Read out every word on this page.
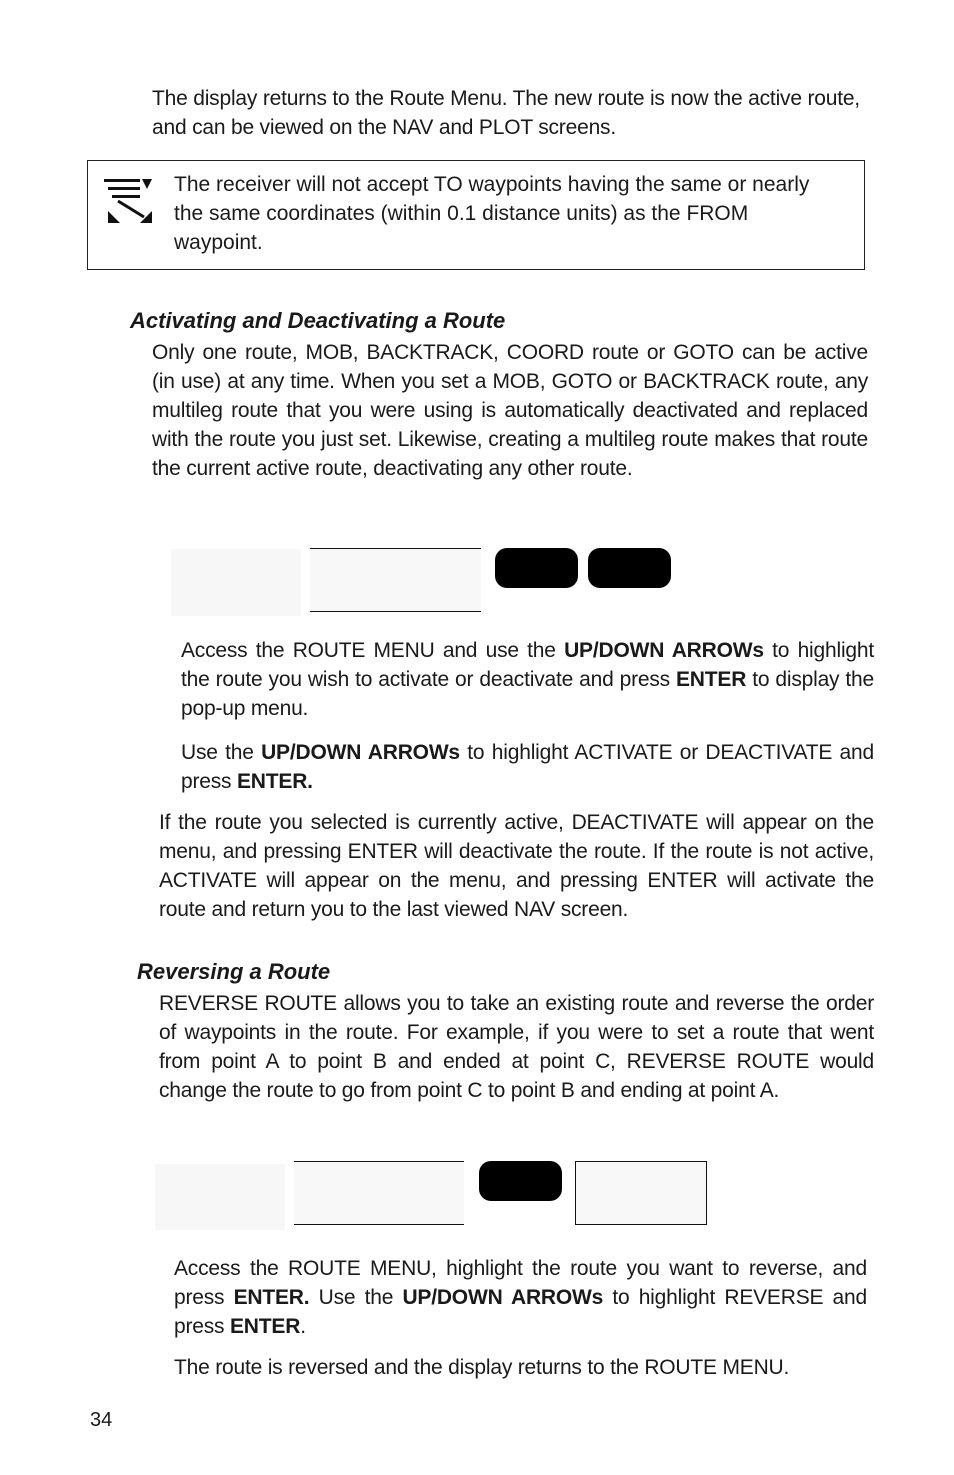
The display returns to the Route Menu. The new route is now the active route, and can be viewed on the NAV and PLOT screens.

The receiver will not accept TO waypoints having the same or nearly the same coordinates (within 0.1 distance units) as the FROM waypoint.

Activating and Deactivating a Route

Only one route, MOB, BACKTRACK, COORD route or GOTO can be active (in use) at any time. When you set a MOB, GOTO or BACKTRACK route, any multileg route that you were using is automatically deactivated and replaced with the route you just set. Likewise, creating a multileg route makes that route the current active route, deactivating any other route.

Access the ROUTE MENU and use the UP/DOWN ARROWs to highlight the route you wish to activate or deactivate and press ENTER to display the pop-up menu.

Use the UP/DOWN ARROWs to highlight ACTIVATE or DEACTIVATE and press ENTER.

If the route you selected is currently active, DEACTIVATE will appear on the menu, and pressing ENTER will deactivate the route. If the route is not active, ACTIVATE will appear on the menu, and pressing ENTER will activate the route and return you to the last viewed NAV screen.

Reversing a Route

REVERSE ROUTE allows you to take an existing route and reverse the order of waypoints in the route. For example, if you were to set a route that went from point A to point B and ended at point C, REVERSE ROUTE would change the route to go from point C to point B and ending at point A.

Access the ROUTE MENU, highlight the route you want to reverse, and press ENTER. Use the UP/DOWN ARROWs to highlight REVERSE and press ENTER.

The route is reversed and the display returns to the ROUTE MENU.

34
